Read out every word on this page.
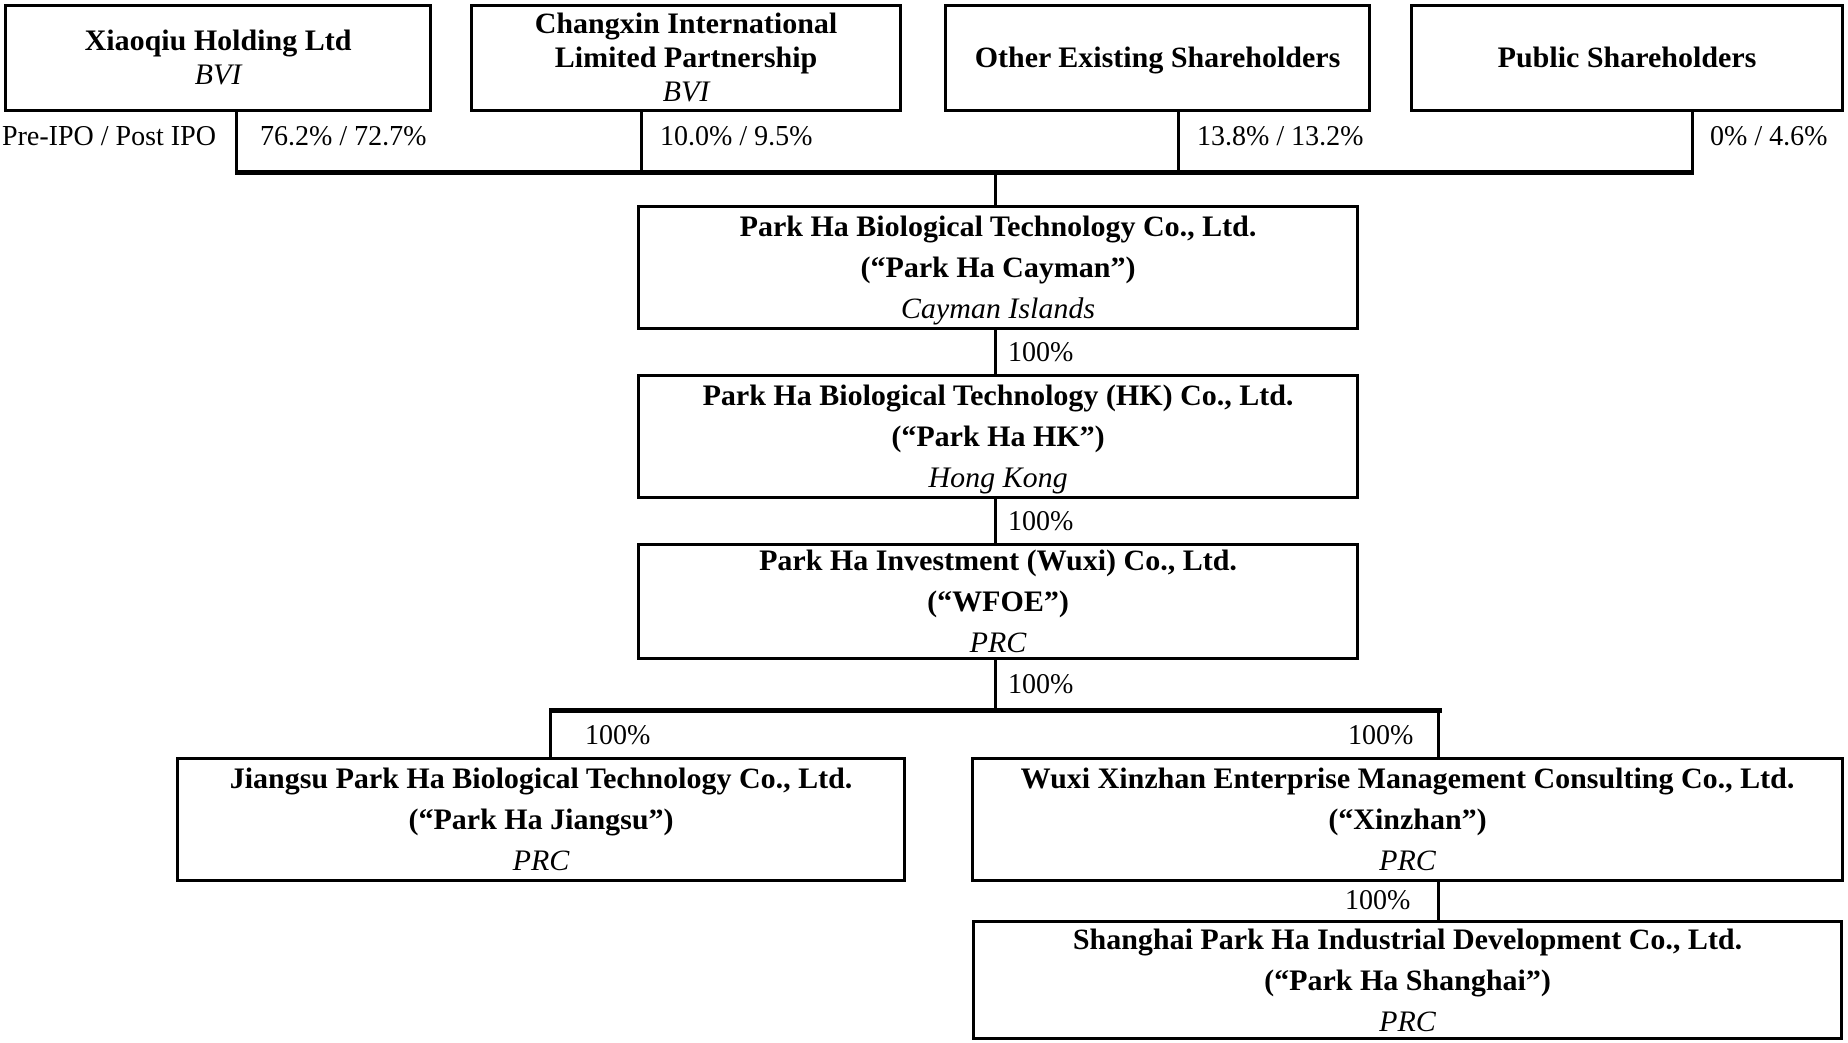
Xiaoqiu Holding Ltd
BVI
Changxin International
Limited Partnership
BVI
Other Existing Shareholders	Public Shareholders
Pre-IPO / Post IPO 76.2% / 72.7%	10.0% / 9.5%	13.8% / 13.2%	0% / 4.6%
Park Ha Biological Technology Co., Ltd.
(“Park Ha Cayman”)
Cayman Islands
100%
Park Ha Biological Technology (HK) Co., Ltd.
(“Park Ha HK”)
Hong Kong
100%
Park Ha Investment (Wuxi) Co., Ltd.
(“WFOE”)
PRC
100%
100%	100%
Jiangsu Park Ha Biological Technology Co., Ltd.
(“Park Ha Jiangsu”)
PRC
Wuxi Xinzhan Enterprise Management Consulting Co., Ltd.
(“Xinzhan”)
PRC
100%
Shanghai Park Ha Industrial Development Co., Ltd.
(“Park Ha Shanghai”)
PRC
